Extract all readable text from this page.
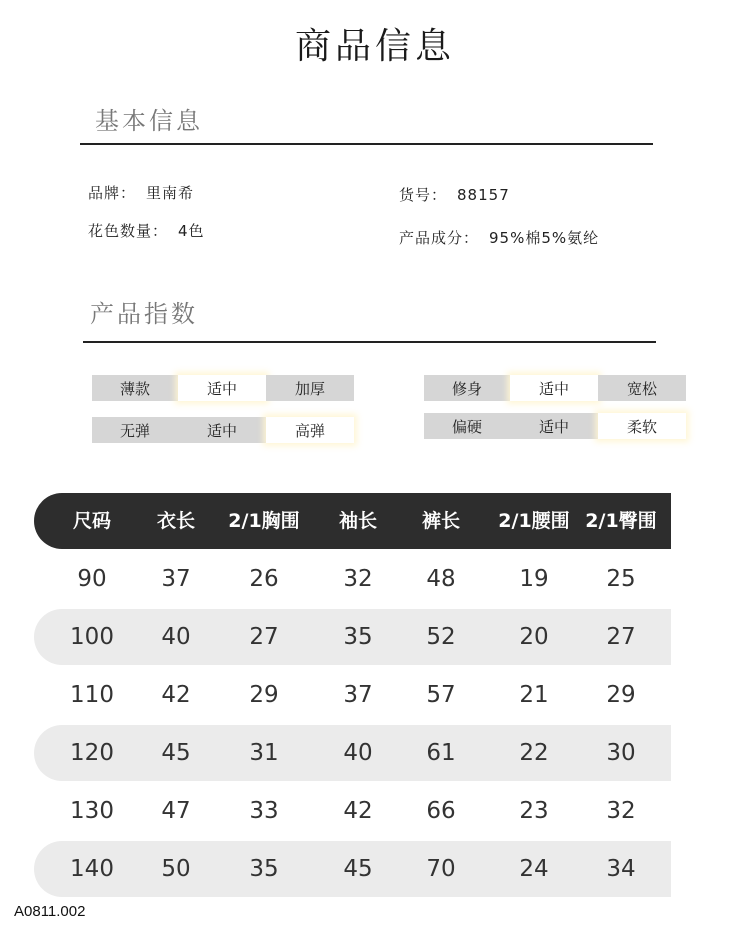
商品信息
基本信息
品牌： 里南希	货号： 88157
花色数量： 4色	产品成分： 95%棉5%氨纶
产品指数
薄款	适中	加厚	修身	适中	宽松
无弹	适中	高弹	偏硬	适中	柔软
尺码 衣长 2/1胸围 袖长 裤长 2/1腰围 2/1臀围
90 37	26	32 48	19	25
100 40	27	35 52	20	27
110 42	29	37 57	21	29
120 45	31	40 61	22	30
130 47	33	42 66	23	32
140 50	35	45 70	24	34
A0811.002
